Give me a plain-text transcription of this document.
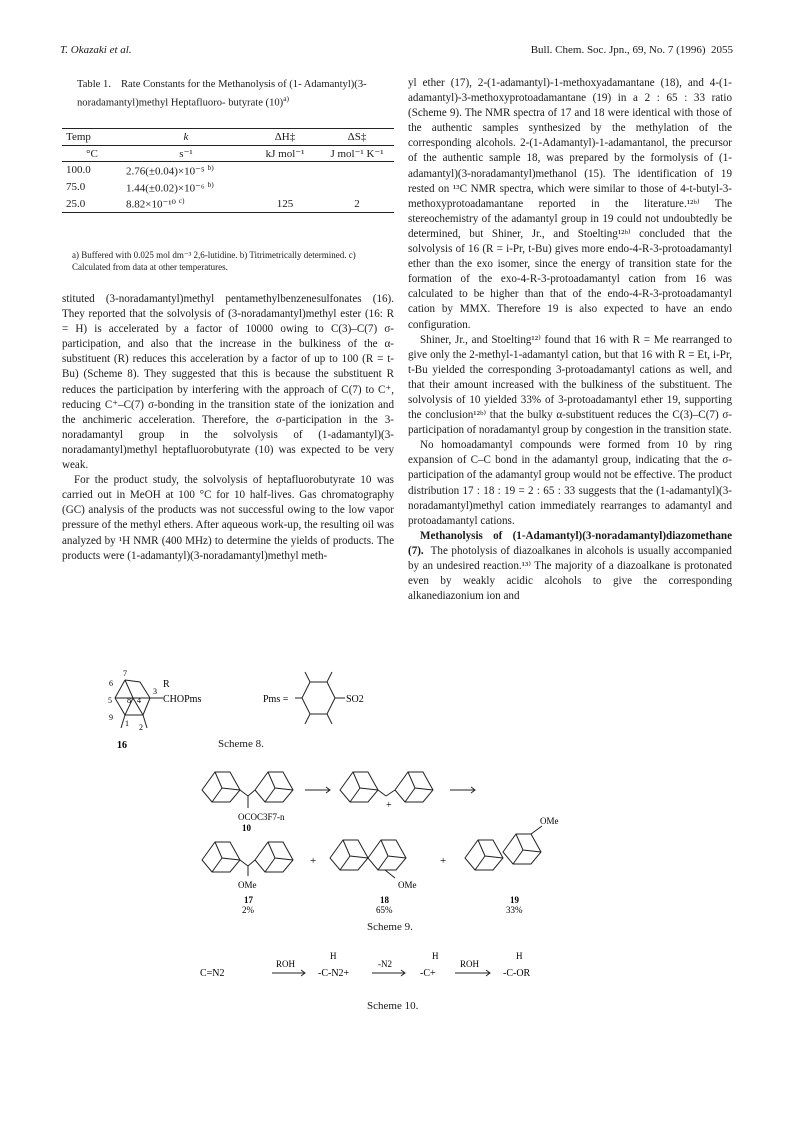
T. Okazaki et al.	Bull. Chem. Soc. Jpn., 69, No. 7 (1996) 2055
Table 1. Rate Constants for the Methanolysis of (1- Adamantyl)(3- noradamantyl)methyl Heptafluoro- butyrate $(10)^{a)}$
Temp	k	ΔH‡	ΔS‡
°C	s⁻¹	kJ mol⁻¹	J mol⁻¹ K⁻¹
100.0	2.76(±0.04)×10⁻⁵ $^{b)}$		
75.0	1.44(±0.02)×10⁻⁶ $^{b)}$		
25.0	8.82×10⁻¹⁰ $^{c)}$	125	2
a) Buffered with 0.025 mol dm⁻³ 2,6-lutidine. b) Titrimetrically determined. c) Calculated from data at other temperatures.

stituted (3-noradamantyl)methyl pentamethylbenzenesulfonates (16). They reported that the solvolysis of (3-noradamantyl)methyl ester (16: R = H) is accelerated by a factor of 10000 owing to C(3)–C(7) σ-participation, and also that the increase in the bulkiness of the α-substituent (R) reduces this acceleration by a factor of up to 100 (R = t-Bu) (Scheme 8). They suggested that this is because the substituent R reduces the participation by interfering with the approach of C(7) to C⁺, reducing C⁺–C(7) σ-bonding in the transition state of the ionization and the anchimeric acceleration. Therefore, the σ-participation in the 3-noradamantyl group in the solvolysis of (1-adamantyl)(3-noradamantyl)methyl heptafluorobutyrate (10) was expected to be very weak.

For the product study, the solvolysis of heptafluorobutyrate 10 was carried out in MeOH at 100 °C for 10 half-lives. Gas chromatography (GC) analysis of the products was not successful owing to the low vapor pressure of the methyl ethers. After aqueous work-up, the resulting oil was analyzed by ¹H NMR (400 MHz) to determine the yields of products. The products were (1-adamantyl)(3-noradamantyl)methyl meth-

yl ether (17), 2-(1-adamantyl)-1-methoxyadamantane (18), and 4-(1-adamantyl)-3-methoxyprotoadamantane (19) in a 2 : 65 : 33 ratio (Scheme 9). The NMR spectra of 17 and 18 were identical with those of the authentic samples synthesized by the methylation of the corresponding alcohols. 2-(1-Adamantyl)-1-adamantanol, the precursor of the authentic sample 18, was prepared by the formolysis of (1-adamantyl)(3-noradamantyl)methanol (15). The identification of 19 rested on ¹³C NMR spectra, which were similar to those of 4-t-butyl-3-methoxyprotoadamantane reported in the literature.¹²ᵇ⁾ The stereochemistry of the adamantyl group in 19 could not undoubtedly be determined, but Shiner, Jr., and Stoelting¹²ᵇ⁾ concluded that the solvolysis of 16 (R = i-Pr, t-Bu) gives more endo-4-R-3-protoadamantyl ether than the exo isomer, since the energy of transition state for the formation of the exo-4-R-3-protoadamantyl cation from 16 was calculated to be higher than that of the endo-4-R-3-protoadamantyl cation by MMX. Therefore 19 is also expected to have an endo configuration.

Shiner, Jr., and Stoelting¹²⁾ found that 16 with R = Me rearranged to give only the 2-methyl-1-adamantyl cation, but that 16 with R = Et, i-Pr, t-Bu yielded the corresponding 3-protoadamantyl cations as well, and that their amount increased with the bulkiness of the substituent. The solvolysis of 10 yielded 33% of 3-protoadamantyl ether 19, supporting the conclusion¹²ᵇ⁾ that the bulky α-substituent reduces the C(3)–C(7) σ-participation of noradamantyl group by congestion in the transition state.

No homoadamantyl compounds were formed from 10 by ring expansion of C–C bond in the adamantyl group, indicating that the σ-participation of the adamantyl group would not be effective. The product distribution 17 : 18 : 19 = 2 : 65 : 33 suggests that the (1-adamantyl)(3-noradamantyl)methyl cation immediately rearranges to adamantyl and protoadamantyl cations.

Methanolysis of (1-Adamantyl)(3-noradamantyl)diazomethane (7). The photolysis of diazoalkanes in alcohols is usually accompanied by an undesired reaction.¹³⁾ The majority of a diazoalkane is protonated even by weakly acidic alcohols to give the corresponding alkanediazonium ion and

7
6
5 8 4
3
9
1 2
R
CHOPms
16
Pms =	SO2
Scheme 8.
+
OCOC3F7-n
10
OMe
+
OMe
+
OMe
17
2%
18
65%
19
33%
Scheme 9.
C=N2
ROH
H
-C-N2+
-N2
H
-C+
ROH
H
-C-OR
Scheme 10.
